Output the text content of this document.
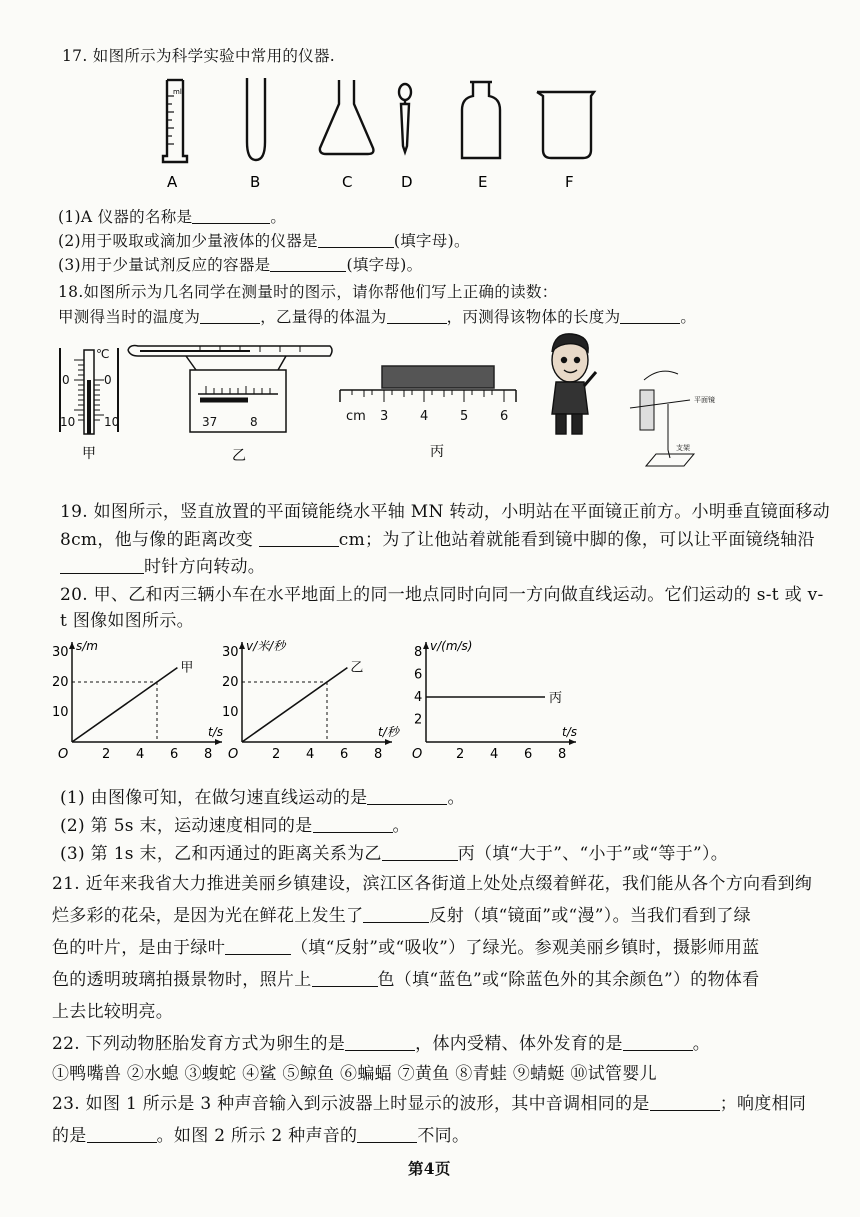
17. 如图所示为科学实验中常用的仪器.
ml
A	B	C	D	E	F
(1)A 仪器的名称是	。
(2)用于吸取或滴加少量液体的仪器是	(填字母)。
(3)用于少量试剂反应的容器是	(填字母)。
18.如图所示为几名同学在测量时的图示，请你帮他们写上正确的读数：
甲测得当时的温度为	，乙量得的体温为	，丙测得该物体的长度为	。
℃
0	0
10 10
甲
37	8
乙
cm 3 4 5 6
丙
平面镜
支架
19. 如图所示，竖直放置的平面镜能绕水平轴 MN 转动，小明站在平面镜正前方。小明垂直镜面移动
8cm，他与像的距离改变	cm；为了让他站着就能看到镜中脚的像，可以让平面镜绕轴沿
时针方向转动。
20. 甲、乙和丙三辆小车在水平地面上的同一地点同时向同一方向做直线运动。它们运动的 s-t 或 v-
t 图像如图所示。
s/m
t/s
O	2 4 6 8
10
20
30
甲
v/米/秒
t/秒
O	2 4 6 8
10
20
30
乙
v/(m/s)
t/s
O	2 4 6 8
2
4
6
8
丙
(1) 由图像可知，在做匀速直线运动的是	。
(2) 第 5s 末，运动速度相同的是	。
(3) 第 1s 末，乙和丙通过的距离关系为乙	丙（填“大于”、“小于”或“等于”）。
21. 近年来我省大力推进美丽乡镇建设，滨江区各街道上处处点缀着鲜花，我们能从各个方向看到绚
烂多彩的花朵，是因为光在鲜花上发生了	反射（填“镜面”或“漫”）。当我们看到了绿
色的叶片，是由于绿叶	（填“反射”或“吸收”）了绿光。参观美丽乡镇时，摄影师用蓝
色的透明玻璃拍摄景物时，照片上	色（填“蓝色”或“除蓝色外的其余颜色”）的物体看
上去比较明亮。
22. 下列动物胚胎发育方式为卵生的是	，体内受精、体外发育的是	。
①鸭嘴兽 ②水螅 ③蝮蛇 ④鲨 ⑤鲸鱼 ⑥蝙蝠 ⑦黄鱼 ⑧青蛙 ⑨蜻蜓 ⑩试管婴儿
23. 如图 1 所示是 3 种声音输入到示波器上时显示的波形，其中音调相同的是	；响度相同
的是	。如图 2 所示 2 种声音的	不同。
第4页
